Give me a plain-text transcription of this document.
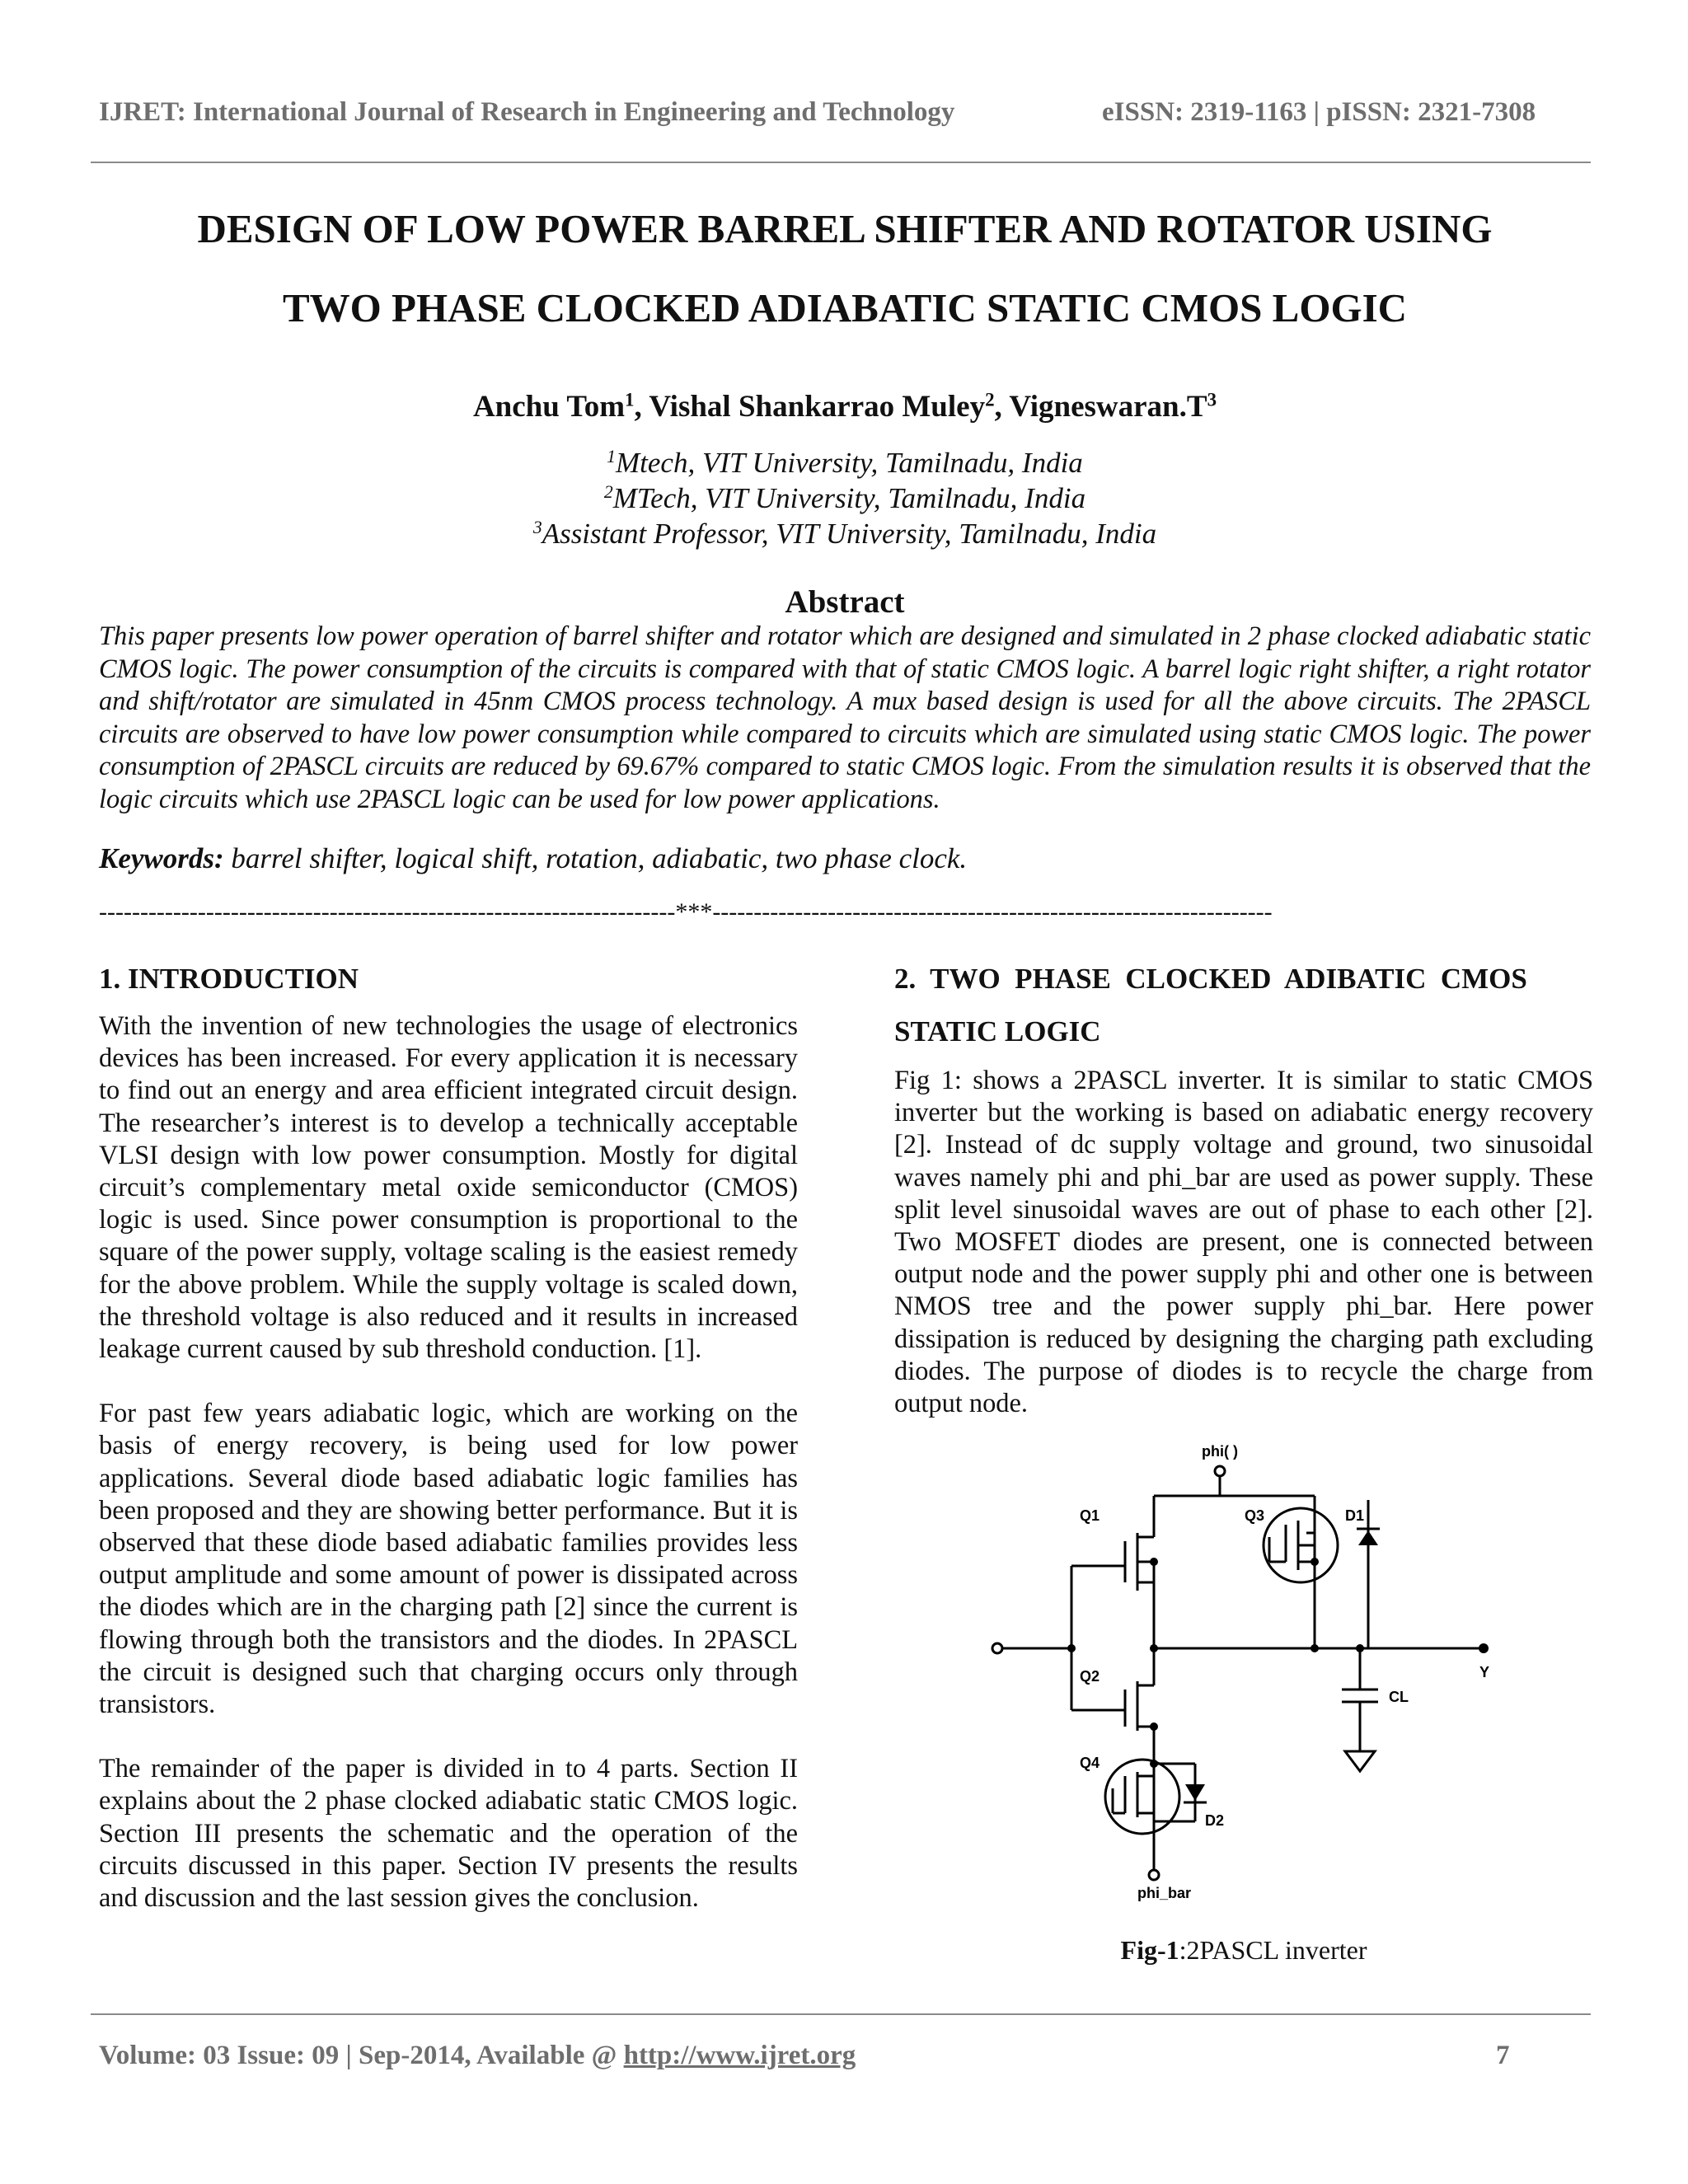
IJRET: International Journal of Research in Engineering and Technology	eISSN: 2319-1163 | pISSN: 2321-7308
DESIGN OF LOW POWER BARREL SHIFTER AND ROTATOR USING
TWO PHASE CLOCKED ADIABATIC STATIC CMOS LOGIC
Anchu Tom$^1$, Vishal Shankarrao Muley$^2$, $Vigneswaran.T^3$
$^1$Mtech, VIT University, Tamilnadu, India
$^2$MTech, VIT University, Tamilnadu, India
$^3$Assistant Professor, VIT University, Tamilnadu, India
Abstract
This paper presents low power operation of barrel shifter and rotator which are designed and simulated in 2 phase clocked adiabatic static CMOS logic. The power consumption of the circuits is compared with that of static CMOS logic. A barrel logic right shifter, a right rotator and shift/rotator are simulated in 45nm CMOS process technology. A mux based design is used for all the above circuits. The 2PASCL circuits are observed to have low power consumption while compared to circuits which are simulated using static CMOS logic. The power consumption of 2PASCL circuits are reduced by 69.67% compared to static CMOS logic. From the simulation results it is observed that the logic circuits which use 2PASCL logic can be used for low power applications.
Keywords: barrel shifter, logical shift, rotation, adiabatic, two phase clock.
----------------------------------------------------------------------***--------------------------------------------------------------------
1. INTRODUCTION

With the invention of new technologies the usage of electronics devices has been increased. For every application it is necessary to find out an energy and area efficient integrated circuit design. The researcher’s interest is to develop a technically acceptable VLSI design with low power consumption. Mostly for digital circuit’s complementary metal oxide semiconductor (CMOS) logic is used. Since power consumption is proportional to the square of the power supply, voltage scaling is the easiest remedy for the above problem. While the supply voltage is scaled down, the threshold voltage is also reduced and it results in increased leakage current caused by sub threshold conduction. [1].

For past few years adiabatic logic, which are working on the basis of energy recovery, is being used for low power applications. Several diode based adiabatic logic families has been proposed and they are showing better performance. But it is observed that these diode based adiabatic families provides less output amplitude and some amount of power is dissipated across the diodes which are in the charging path [2] since the current is flowing through both the transistors and the diodes. In 2PASCL the circuit is designed such that charging occurs only through transistors.

The remainder of the paper is divided in to 4 parts. Section II explains about the 2 phase clocked adiabatic static CMOS logic. Section III presents the schematic and the operation of the circuits discussed in this paper. Section IV presents the results and discussion and the last session gives the conclusion.

2.  TWO  PHASE  CLOCKED  ADIBATIC  CMOS
STATIC LOGIC
Fig 1: shows a 2PASCL inverter. It is similar to static CMOS inverter but the working is based on adiabatic energy recovery [2]. Instead of dc supply voltage and ground, two sinusoidal waves namely phi and phi_bar are used as power supply. These split level sinusoidal waves are out of phase to each other [2]. Two MOSFET diodes are present, one is connected between output node and the power supply phi and other one is between NMOS tree and the power supply phi_bar. Here power dissipation is reduced by designing the charging path excluding diodes. The purpose of diodes is to recycle the charge from output node.
phi( )
Q1
Q2
Q3
Q4
D1
D2
CL
Y
phi_bar
Fig-1:2PASCL inverter
Volume: 03 Issue: 09 | Sep-2014, Available @ http://www.ijret.org	7
